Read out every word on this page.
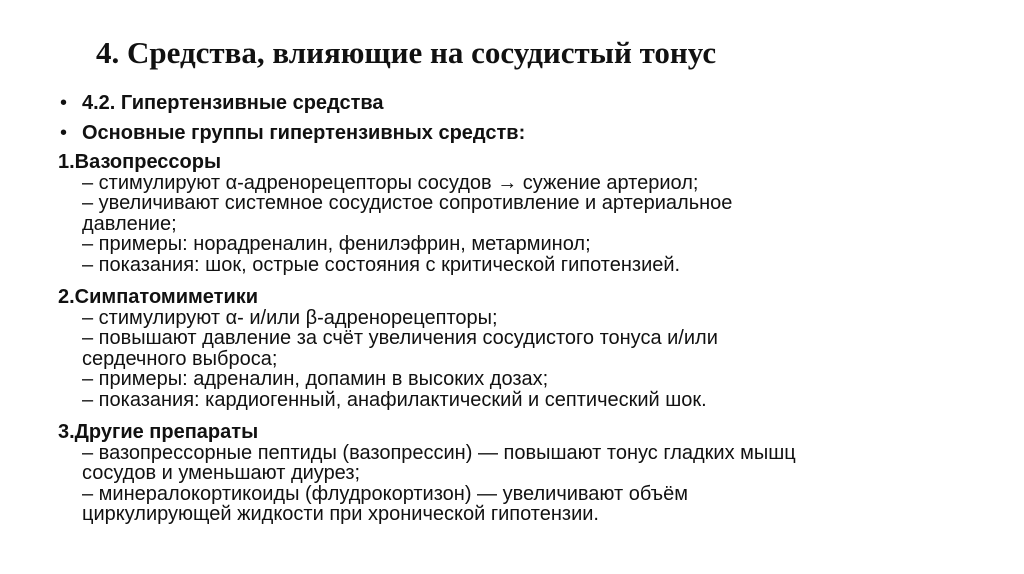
4. Средства, влияющие на сосудистый тонус
• 4.2. Гипертензивные средства
• Основные группы гипертензивных средств:
1.Вазопрессоры
– стимулируют α-адренорецепторы сосудов → сужение артериол;
– увеличивают системное сосудистое сопротивление и артериальное
давление;
– примеры: норадреналин, фенилэфрин, метарминол;
– показания: шок, острые состояния с критической гипотензией.
2.Симпатомиметики
– стимулируют α- и/или β-адренорецепторы;
– повышают давление за счёт увеличения сосудистого тонуса и/или
сердечного выброса;
– примеры: адреналин, допамин в высоких дозах;
– показания: кардиогенный, анафилактический и септический шок.
3.Другие препараты
– вазопрессорные пептиды (вазопрессин) — повышают тонус гладких мышц
сосудов и уменьшают диурез;
– минералокортикоиды (флудрокортизон) — увеличивают объём
циркулирующей жидкости при хронической гипотензии.
